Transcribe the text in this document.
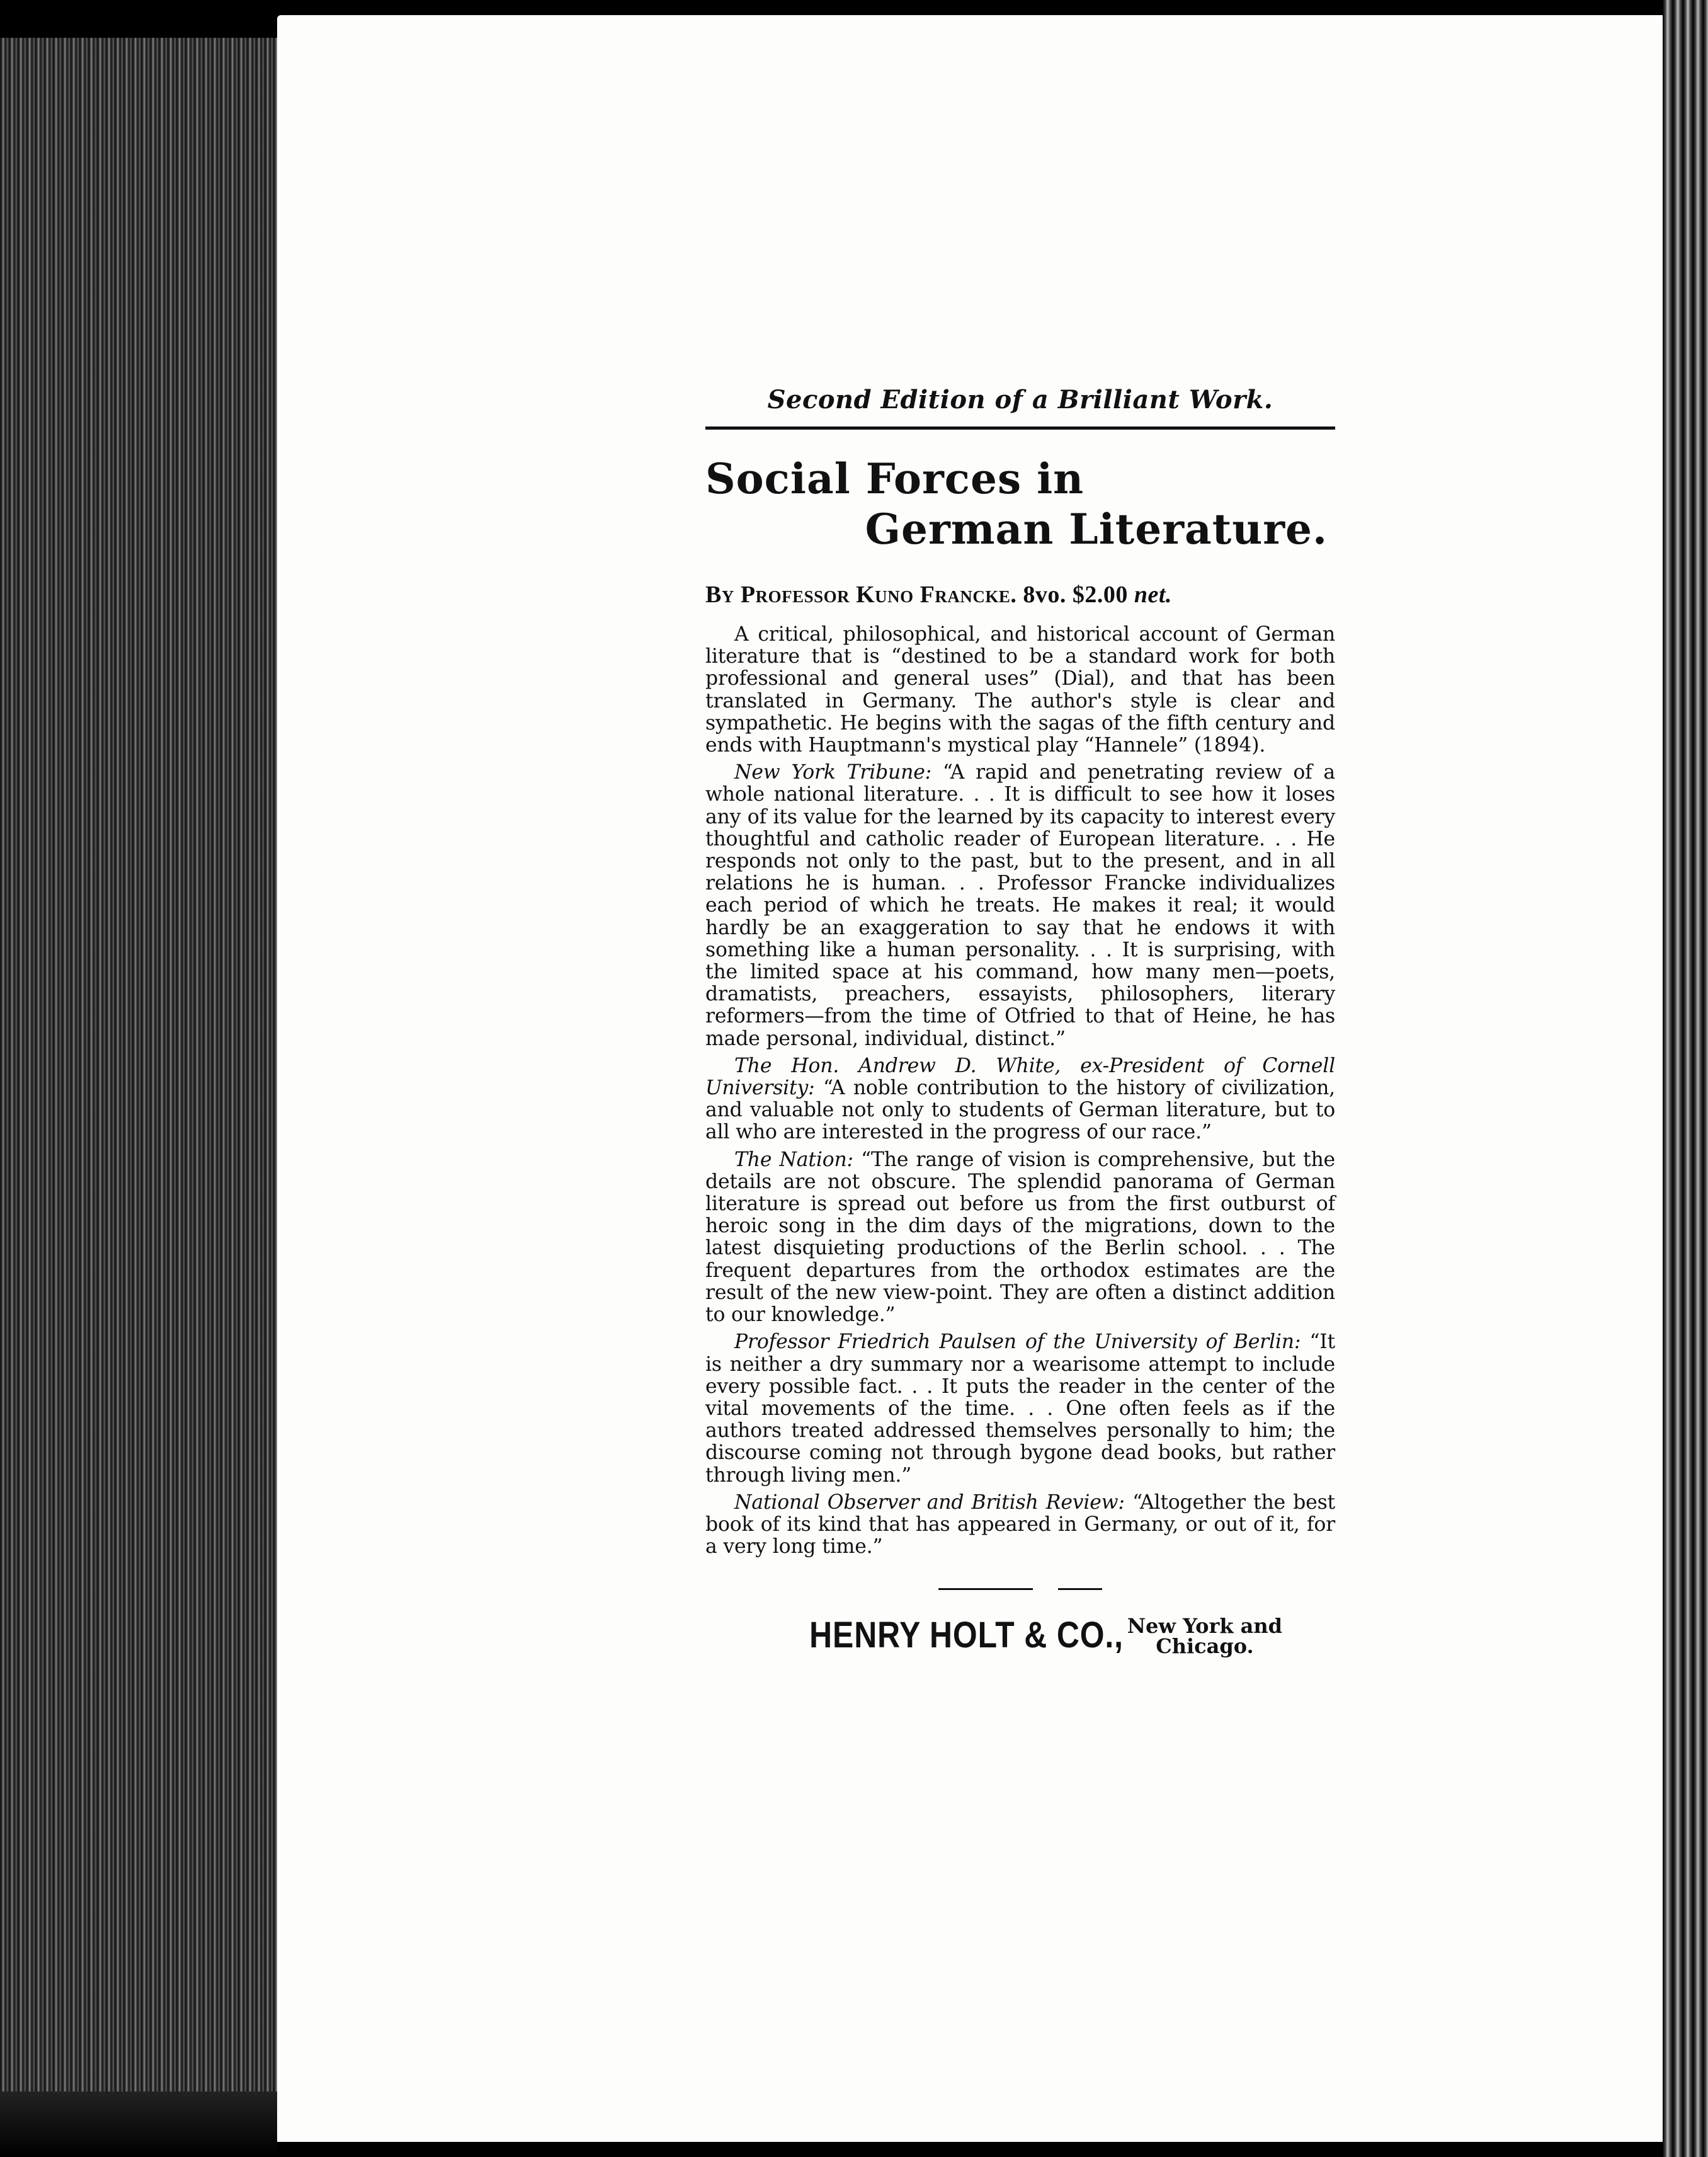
Second Edition of a Brilliant Work.
Social Forces in
German Literature.
By Professor Kuno Francke. 8vo. $2.00 net.

A critical, philosophical, and historical account of German literature that is “destined to be a standard work for both professional and general uses” (Dial), and that has been translated in Germany. The author's style is clear and sympathetic. He begins with the sagas of the fifth century and ends with Hauptmann's mystical play “Hannele” (1894).

New York Tribune: “A rapid and penetrating review of a whole national literature. . . It is difficult to see how it loses any of its value for the learned by its capacity to interest every thoughtful and catholic reader of European literature. . . He responds not only to the past, but to the present, and in all relations he is human. . . Professor Francke individualizes each period of which he treats. He makes it real; it would hardly be an exaggeration to say that he endows it with something like a human personality. . . It is surprising, with the limited space at his command, how many men—poets, dramatists, preachers, essayists, philosophers, literary reformers—from the time of Otfried to that of Heine, he has made personal, individual, distinct.”

The Hon. Andrew D. White, ex-President of Cornell University: “A noble contribution to the history of civilization, and valuable not only to students of German literature, but to all who are interested in the progress of our race.”

The Nation: “The range of vision is comprehensive, but the details are not obscure. The splendid panorama of German literature is spread out before us from the first outburst of heroic song in the dim days of the migrations, down to the latest disquieting productions of the Berlin school. . . The frequent departures from the orthodox estimates are the result of the new view-point. They are often a distinct addition to our knowledge.”

Professor Friedrich Paulsen of the University of Berlin: “It is neither a dry summary nor a wearisome attempt to include every possible fact. . . It puts the reader in the center of the vital movements of the time. . . One often feels as if the authors treated addressed themselves personally to him; the discourse coming not through bygone dead books, but rather through living men.”

National Observer and British Review: “Altogether the best book of its kind that has appeared in Germany, or out of it, for a very long time.”

HENRY HOLT & CO., New York and
Chicago.
